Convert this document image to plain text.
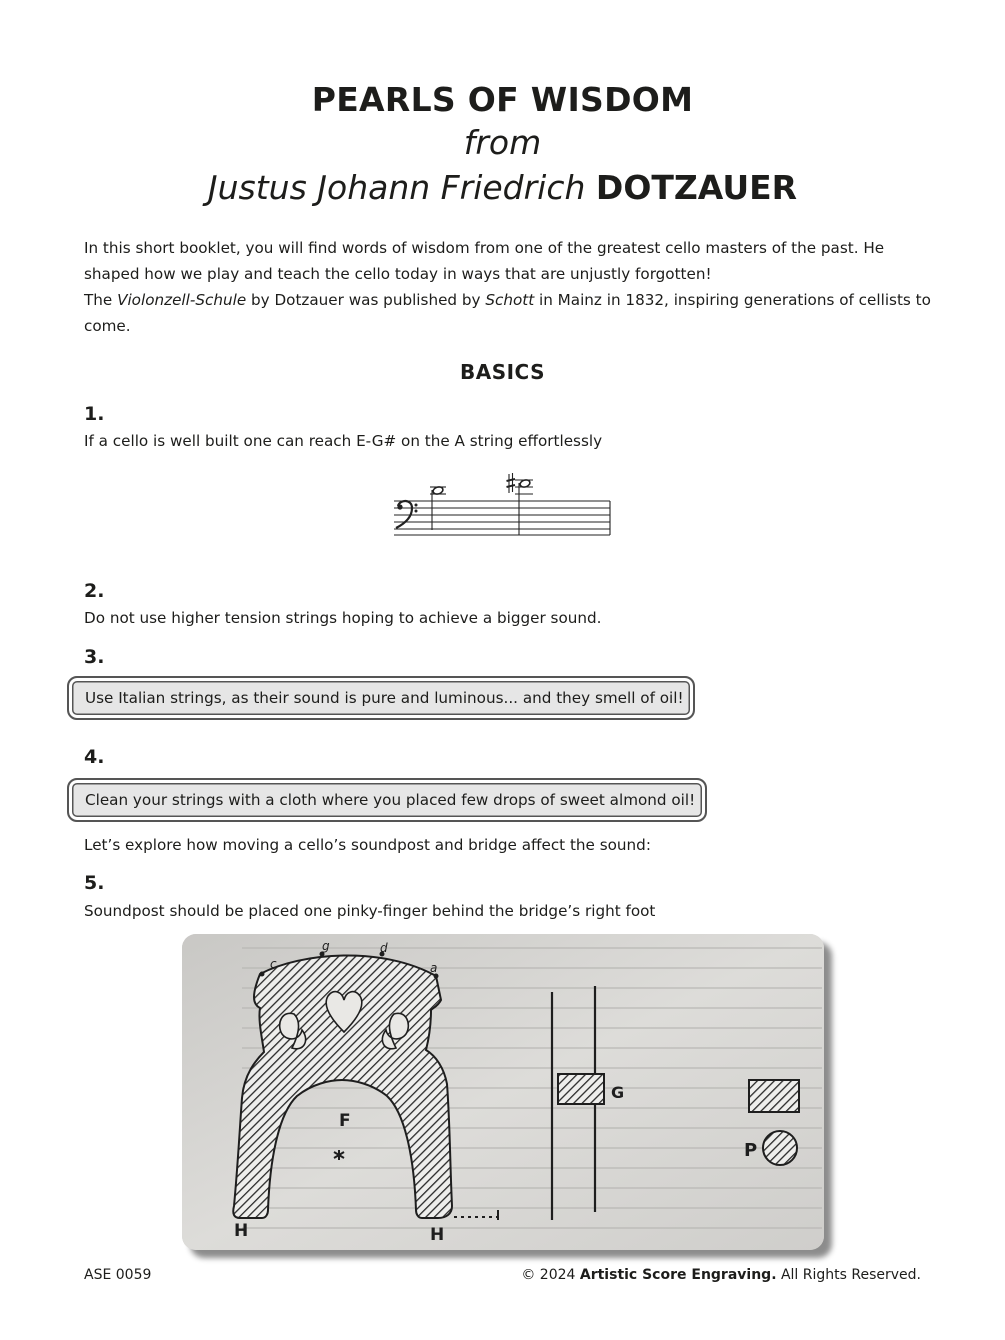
PEARLS OF WISDOM
from
Justus Johann Friedrich DOTZAUER
In this short booklet, you will find words of wisdom from one of the greatest cello masters of the past. He shaped how we play and teach the cello today in ways that are unjustly forgotten!
The Violonzell-Schule by Dotzauer was published by Schott in Mainz in 1832, inspiring generations of cellists to come.
BASICS
1.
If a cello is well built one can reach E-G# on the A string effortlessly
2.
Do not use higher tension strings hoping to achieve a bigger sound.
3.
Use Italian strings, as their sound is pure and luminous... and they smell of oil!
4.
Clean your strings with a cloth where you placed few drops of sweet almond oil!
Let’s explore how moving a cello’s soundpost and bridge affect the sound:
5.
Soundpost should be placed one pinky-finger behind the bridge’s right foot
c
g	d
a
F
H	H
G
P
ASE 0059	© 2024 Artistic Score Engraving. All Rights Reserved.
